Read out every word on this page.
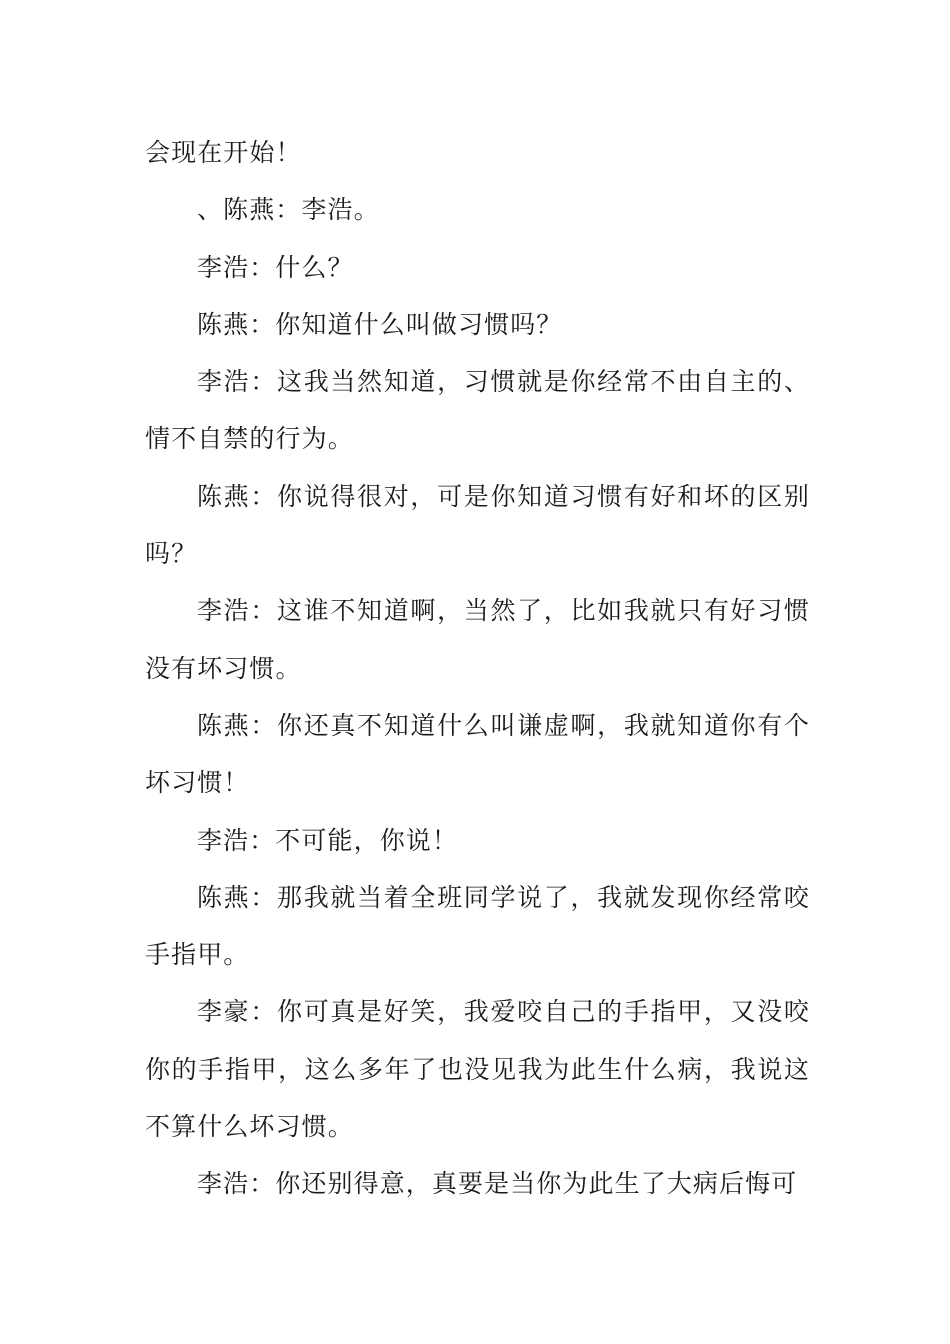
会现在开始！

、陈燕：李浩。

李浩：什么？

陈燕：你知道什么叫做习惯吗？

李浩：这我当然知道，习惯就是你经常不由自主的、情不自禁的行为。

陈燕：你说得很对，可是你知道习惯有好和坏的区别吗？

李浩：这谁不知道啊，当然了，比如我就只有好习惯没有坏习惯。

陈燕：你还真不知道什么叫谦虚啊，我就知道你有个坏习惯！

李浩：不可能，你说！

陈燕：那我就当着全班同学说了，我就发现你经常咬手指甲。

李豪：你可真是好笑，我爱咬自己的手指甲，又没咬你的手指甲，这么多年了也没见我为此生什么病，我说这不算什么坏习惯。

李浩：你还别得意，真要是当你为此生了大病后悔可
